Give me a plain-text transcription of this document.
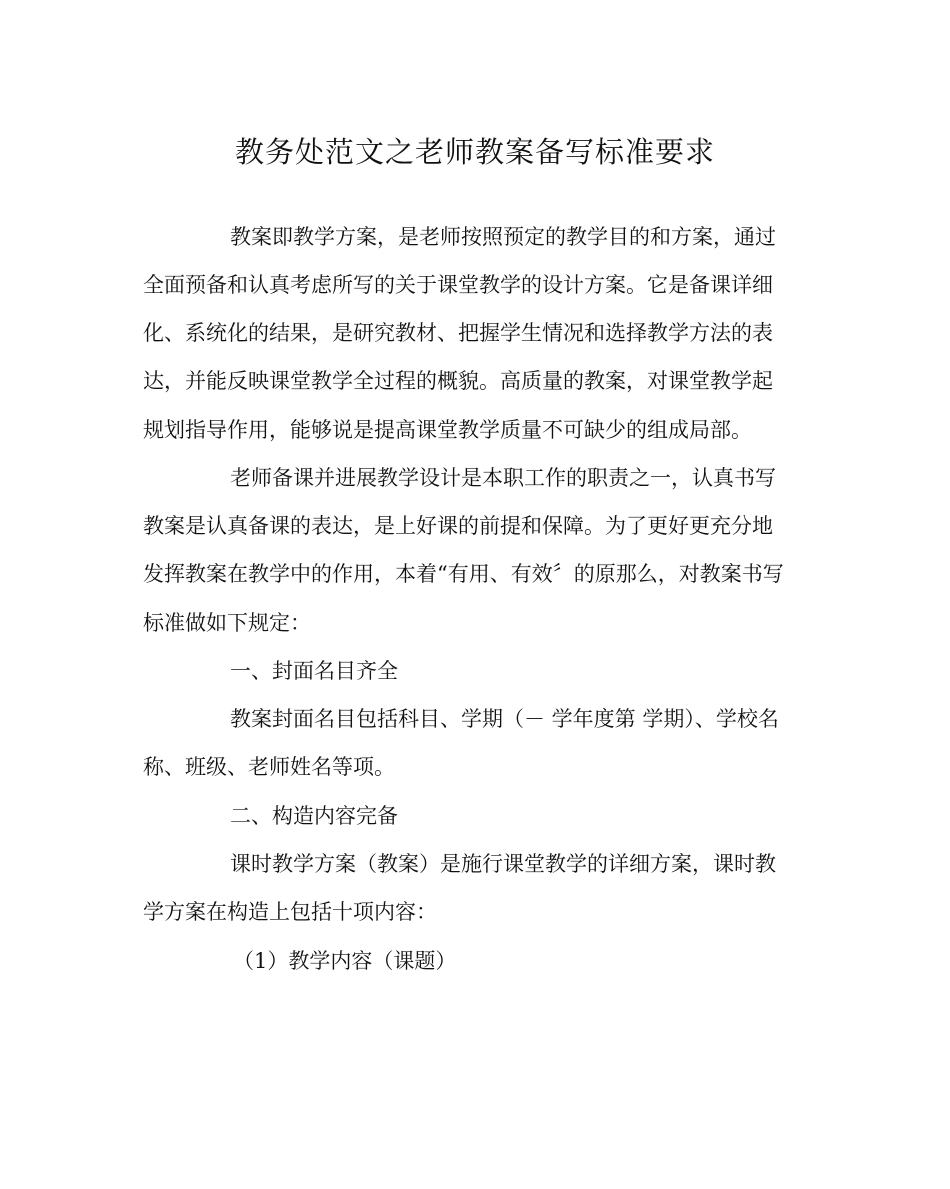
教务处范文之老师教案备写标准要求

教案即教学方案，是老师按照预定的教学目的和方案，通过

全面预备和认真考虑所写的关于课堂教学的设计方案。它是备课详细

化、系统化的结果，是研究教材、把握学生情况和选择教学方法的表

达，并能反映课堂教学全过程的概貌。高质量的教案，对课堂教学起

规划指导作用，能够说是提高课堂教学质量不可缺少的组成局部。

老师备课并进展教学设计是本职工作的职责之一，认真书写

教案是认真备课的表达，是上好课的前提和保障。为了更好更充分地

发挥教案在教学中的作用，本着“有用、有效〞的原那么，对教案书写

标准做如下规定：

一、封面名目齐全

教案封面名目包括科目、学期（－ 学年度第 学期）、学校名

称、班级、老师姓名等项。

二、构造内容完备

课时教学方案（教案）是施行课堂教学的详细方案，课时教

学方案在构造上包括十项内容：

（1）教学内容（课题）
